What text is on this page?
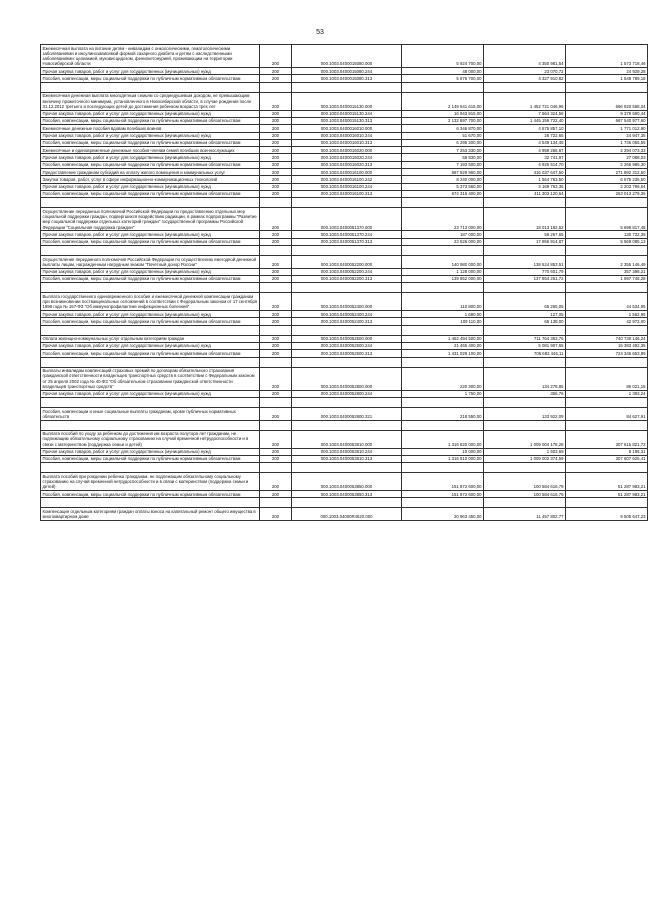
53
Ежемесячная выплата на питание детям - инвалидам с онкологическими, гематологическими заболеваниями и инсулинозависимой формой сахарного диабета и детям с наследственными заболеваниями: целиакией, муковисцидозом, фенилкетонурией, проживающим на территории Новосибирской области	200	000.1003.0400015080.000	5 924 700,00	4 350 981,54	1 573 718,46
Прочая закупка товаров, работ и услуг для государственных (муниципальных) нужд	200	000.1003.0400015080.244	48 000,00	23 070,72	24 929,28
Пособия, компенсации, меры социальной поддержки по публичным нормативным обязательствам	200	000.1003.0400015080.313	5 876 700,00	4 327 910,82	1 548 789,18

Ежемесячная денежная выплата многодетным семьям со среднедушевым доходом, не превышающим величину прожиточного минимума, установленного в Новосибирской области, в случае рождения после 31.12.2012 третьего и последующих детей до достижения ребенком возраста трех лет	200	000.1003.0400015130.000	2 149 641 615,00	1 452 721 046,96	696 920 568,04
Прочая закупка товаров, работ и услуг для государственных (муниципальных) нужд	200	000.1003.0400015130.244	16 943 915,00	7 564 324,56	9 379 590,44
Пособия, компенсации, меры социальной поддержки по публичным нормативным обязательствам	200	000.1003.0400015130.313	2 132 697 700,00	1 445 156 722,40	687 540 977,60
Ежемесячные денежные пособия вдовам погибших воинов	200	000.1003.0400016010.000	6 346 870,00	4 575 857,10	1 771 012,90
Прочая закупка товаров, работ и услуг для государственных (муниципальных) нужд	200	000.1003.0400016010.244	51 670,00	26 722,65	24 947,35
Пособия, компенсации, меры социальной поддержки по публичным нормативным обязательствам	200	000.1003.0400016010.313	6 295 200,00	4 549 134,45	1 746 065,55
Ежемесячные и единовременные денежные пособия членам семей погибших военнослужащих	200	000.1003.0400016020.000	7 253 330,00	4 959 256,67	2 294 073,33
Прочая закупка товаров, работ и услуг для государственных (муниципальных) нужд	200	000.1003.0400016020.244	59 830,00	32 741,97	27 088,03
Пособия, компенсации, меры социальной поддержки по публичным нормативным обязательствам	200	000.1003.0400016020.313	7 193 500,00	4 926 514,70	2 266 985,30
Предоставление гражданам субсидий на оплату жилого помещения и коммунальных услуг	200	000.1003.0400016100.000	687 929 960,00	416 037 647,50	271 892 312,50
Закупка товаров, работ, услуг в сфере информационно-коммуникационных технологий	200	000.1003.0400016100.242	8 240 000,00	1 564 763,50	6 675 236,50
Прочая закупка товаров, работ и услуг для государственных (муниципальных) нужд	200	000.1003.0400016100.244	5 373 560,00	3 169 763,36	2 203 796,64
Пособия, компенсации, меры социальной поддержки по публичным нормативным обязательствам	200	000.1003.0400016100.313	674 316 400,00	411 303 120,64	263 013 279,36

Осуществление переданных полномочий Российской Федерации по предоставлению отдельных мер социальной поддержки граждан, подвергшихся воздействию радиации, в рамках подпрограммы "Развитие мер социальной поддержки отдельных категорий граждан" государственной программы Российской Федерации "Социальная поддержка граждан"	200	000.1003.0400051370.000	23 713 000,00	18 013 182,52	5 699 817,48
Прочая закупка товаров, работ и услуг для государственных (муниципальных) нужд	200	000.1003.0400051370.244	187 000,00	56 267,65	130 732,35
Пособия, компенсации, меры социальной поддержки по публичным нормативным обязательствам	200	000.1003.0400051370.313	23 526 000,00	17 956 914,87	5 569 085,13

Осуществление переданного полномочия Российской Федерации по осуществлению ежегодной денежной выплаты лицам, награжденным нагрудным знаком "Почетный донор России"	200	000.1003.0400052200.000	140 980 000,00	138 624 853,51	2 355 146,49
Прочая закупка товаров, работ и услуг для государственных (муниципальных) нужд	200	000.1003.0400052200.244	1 128 000,00	770 601,79	357 398,21
Пособия, компенсации, меры социальной поддержки по публичным нормативным обязательствам	200	000.1003.0400052200.313	139 852 000,00	137 854 251,72	1 997 748,28

Выплата государственного единовременного пособия и ежемесячной денежной компенсации гражданам при возникновении поствакцинальных осложнений в соответствии с Федеральным законом от 17 сентября 1998 года № 157-ФЗ "Об иммунопрофилактике инфекционных болезней"	200	000.1003.0400052400.000	110 800,00	65 265,05	44 534,95
Прочая закупка товаров, работ и услуг для государственных (муниципальных) нужд	200	000.1003.0400052400.244	1 690,00	127,05	1 562,95
Пособия, компенсации, меры социальной поддержки по публичным нормативным обязательствам	200	000.1003.0400052400.313	109 110,00	65 138,00	42 972,00

Оплата жилищно-коммунальных услуг отдельным категориям граждан	200	000.1003.0400052500.000	1 452 494 500,00	711 764 353,76	740 730 146,24
Прочая закупка товаров, работ и услуг для государственных (муниципальных) нужд	200	000.1003.0400052500.244	21 465 400,00	5 081 907,65	16 383 492,35
Пособия, компенсации, меры социальной поддержки по публичным нормативным обязательствам	200	000.1003.0400052500.313	1 431 029 100,00	706 682 446,11	724 346 653,89

Выплаты инвалидам компенсаций страховых премий по договорам обязательного страхования гражданской ответственности владельцев транспортных средств в соответствии с Федеральным законом от 25 апреля 2002 года № 40-ФЗ "Об обязательном страховании гражданской ответственности владельцев транспортных средств"	200	000.1003.0400052800.000	220 300,00	134 278,85	86 021,15
Прочая закупка товаров, работ и услуг для государственных (муниципальных) нужд	200	000.1003.0400052800.244	1 750,00	356,76	1 393,24

Пособия, компенсации и иные социальные выплаты гражданам, кроме публичных нормативных обязательств	200	000.1003.0400052800.321	218 550,00	133 922,09	84 627,91

Выплата пособий по уходу за ребенком до достижения им возраста полутора лет гражданам, не подлежащим обязательному социальному страхованию на случай временной нетрудоспособности и в связи с материнством (поддержка семьи и детей)	200	000.1003.0400053810.000	1 316 620 000,00	1 009 004 178,28	307 615 821,72
Прочая закупка товаров, работ и услуг для государственных (муниципальных) нужд	200	000.1003.0400053810.244	10 000,00	1 603,69	8 196,31
Пособия, компенсации, меры социальной поддержки по публичным нормативным обязательствам	200	000.1003.0400053810.313	1 316 610 000,00	1 009 002 374,59	307 607 625,41

Выплата пособий при рождении ребенка гражданам, не подлежащим обязательному социальному страхованию на случай временной нетрудоспособности и в связи с материнством (поддержка семьи и детей)	200	000.1003.0400053850.000	151 872 600,00	100 584 616,79	51 287 983,21
Пособия, компенсации, меры социальной поддержки по публичным нормативным обязательствам	200	000.1003.0400053850.313	151 872 600,00	100 584 616,79	51 287 983,21

Компенсация отдельным категориям граждан оплаты взноса на капитальный ремонт общего имущества в многоквартирном доме	200	000.1003.04000R4620.000	20 963 450,00	11 457 802,77	9 505 647,23
